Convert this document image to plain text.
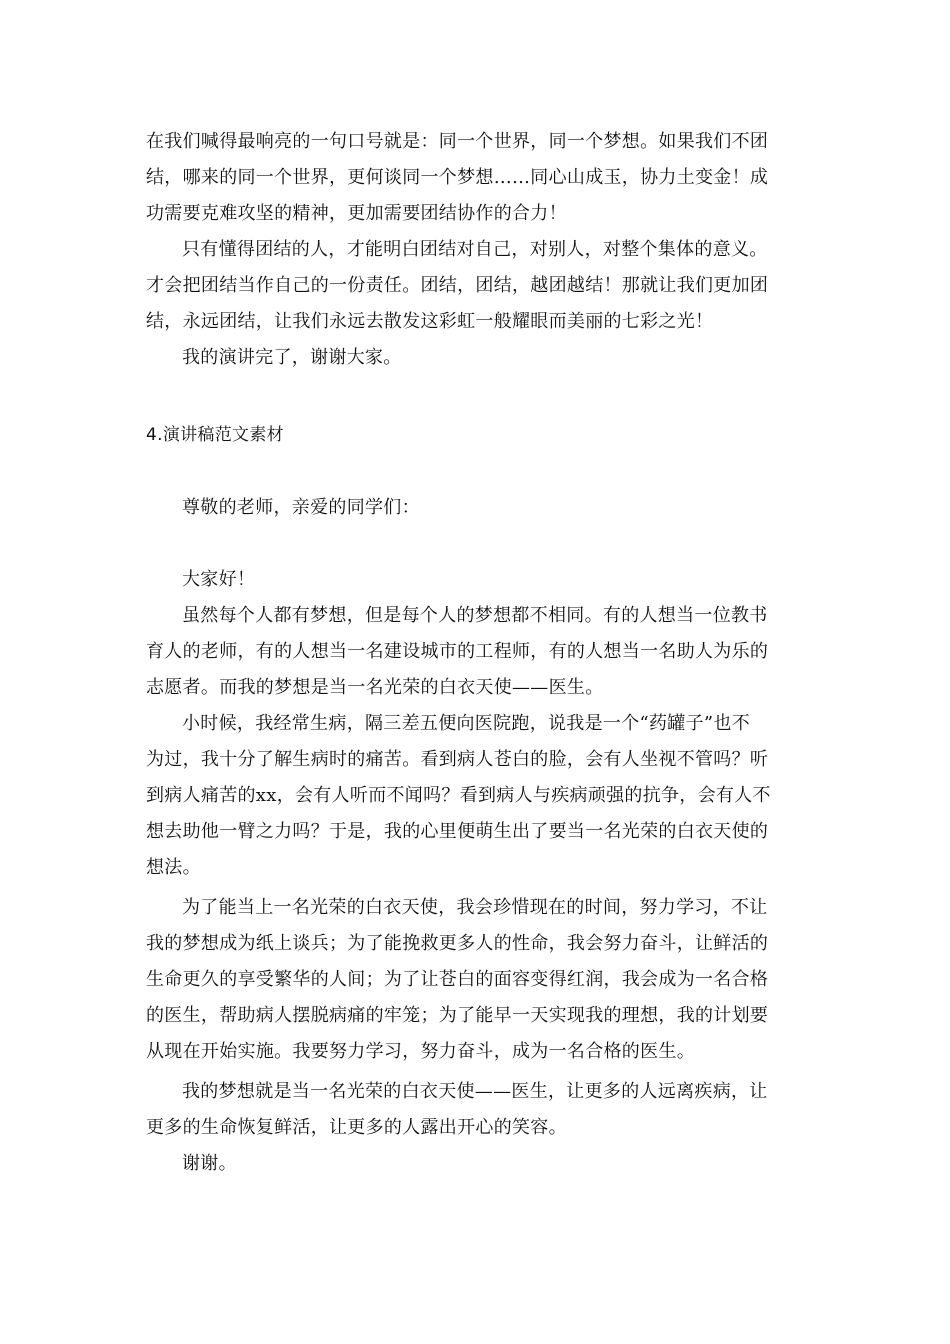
在我们喊得最响亮的一句口号就是：同一个世界，同一个梦想。如果我们不团
结，哪来的同一个世界，更何谈同一个梦想……同心山成玉，协力土变金！成
功需要克难攻坚的精神，更加需要团结协作的合力！
只有懂得团结的人，才能明白团结对自己，对别人，对整个集体的意义。
才会把团结当作自己的一份责任。团结，团结，越团越结！那就让我们更加团
结，永远团结，让我们永远去散发这彩虹一般耀眼而美丽的七彩之光！
我的演讲完了，谢谢大家。
4.演讲稿范文素材
尊敬的老师，亲爱的同学们：
大家好！
虽然每个人都有梦想，但是每个人的梦想都不相同。有的人想当一位教书
育人的老师，有的人想当一名建设城市的工程师，有的人想当一名助人为乐的
志愿者。而我的梦想是当一名光荣的白衣天使——医生。
小时候，我经常生病，隔三差五便向医院跑，说我是一个“药罐子”也不
为过，我十分了解生病时的痛苦。看到病人苍白的脸，会有人坐视不管吗？听
到病人痛苦的xx，会有人听而不闻吗？看到病人与疾病顽强的抗争，会有人不
想去助他一臂之力吗？于是，我的心里便萌生出了要当一名光荣的白衣天使的
想法。
为了能当上一名光荣的白衣天使，我会珍惜现在的时间，努力学习，不让
我的梦想成为纸上谈兵；为了能挽救更多人的性命，我会努力奋斗，让鲜活的
生命更久的享受繁华的人间；为了让苍白的面容变得红润，我会成为一名合格
的医生，帮助病人摆脱病痛的牢笼；为了能早一天实现我的理想，我的计划要
从现在开始实施。我要努力学习，努力奋斗，成为一名合格的医生。
我的梦想就是当一名光荣的白衣天使——医生，让更多的人远离疾病，让
更多的生命恢复鲜活，让更多的人露出开心的笑容。
谢谢。
